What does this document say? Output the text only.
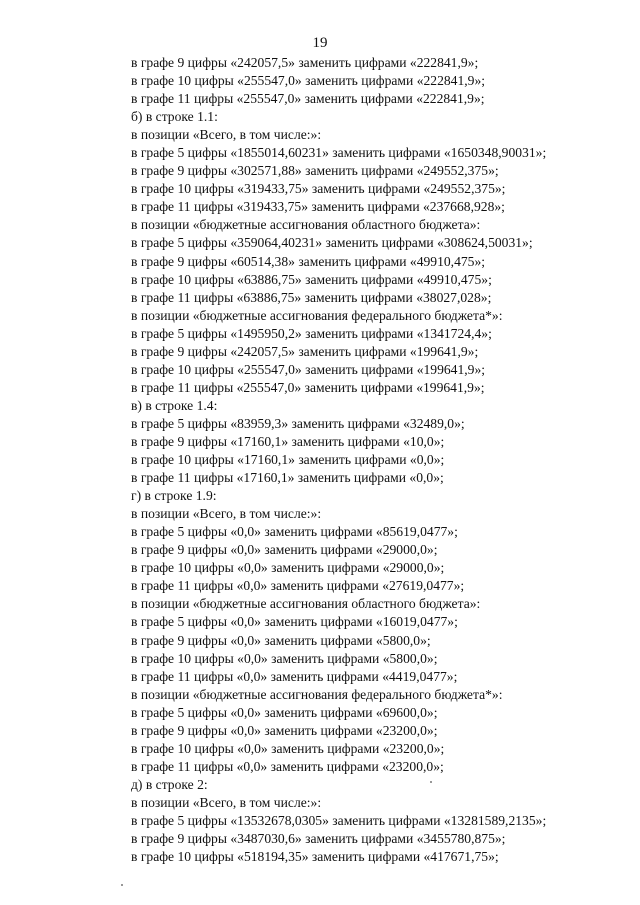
19
в графе 9 цифры «242057,5» заменить цифрами «222841,9»;
в графе 10 цифры «255547,0» заменить цифрами «222841,9»;
в графе 11 цифры «255547,0» заменить цифрами «222841,9»;
б) в строке 1.1:
в позиции «Всего, в том числе:»:
в графе 5 цифры «1855014,60231» заменить цифрами «1650348,90031»;
в графе 9 цифры «302571,88» заменить цифрами «249552,375»;
в графе 10 цифры «319433,75» заменить цифрами «249552,375»;
в графе 11 цифры «319433,75» заменить цифрами «237668,928»;
в позиции «бюджетные ассигнования областного бюджета»:
в графе 5 цифры «359064,40231» заменить цифрами «308624,50031»;
в графе 9 цифры «60514,38» заменить цифрами «49910,475»;
в графе 10 цифры «63886,75» заменить цифрами «49910,475»;
в графе 11 цифры «63886,75» заменить цифрами «38027,028»;
в позиции «бюджетные ассигнования федерального бюджета*»:
в графе 5 цифры «1495950,2» заменить цифрами «1341724,4»;
в графе 9 цифры «242057,5» заменить цифрами «199641,9»;
в графе 10 цифры «255547,0» заменить цифрами «199641,9»;
в графе 11 цифры «255547,0» заменить цифрами «199641,9»;
в) в строке 1.4:
в графе 5 цифры «83959,3» заменить цифрами «32489,0»;
в графе 9 цифры «17160,1» заменить цифрами «10,0»;
в графе 10 цифры «17160,1» заменить цифрами «0,0»;
в графе 11 цифры «17160,1» заменить цифрами «0,0»;
г) в строке 1.9:
в позиции «Всего, в том числе:»:
в графе 5 цифры «0,0» заменить цифрами «85619,0477»;
в графе 9 цифры «0,0» заменить цифрами «29000,0»;
в графе 10 цифры «0,0» заменить цифрами «29000,0»;
в графе 11 цифры «0,0» заменить цифрами «27619,0477»;
в позиции «бюджетные ассигнования областного бюджета»:
в графе 5 цифры «0,0» заменить цифрами «16019,0477»;
в графе 9 цифры «0,0» заменить цифрами «5800,0»;
в графе 10 цифры «0,0» заменить цифрами «5800,0»;
в графе 11 цифры «0,0» заменить цифрами «4419,0477»;
в позиции «бюджетные ассигнования федерального бюджета*»:
в графе 5 цифры «0,0» заменить цифрами «69600,0»;
в графе 9 цифры «0,0» заменить цифрами «23200,0»;
в графе 10 цифры «0,0» заменить цифрами «23200,0»;
в графе 11 цифры «0,0» заменить цифрами «23200,0»;
д) в строке 2:
в позиции «Всего, в том числе:»:
в графе 5 цифры «13532678,0305» заменить цифрами «13281589,2135»;
в графе 9 цифры «3487030,6» заменить цифрами «3455780,875»;
в графе 10 цифры «518194,35» заменить цифрами «417671,75»;
